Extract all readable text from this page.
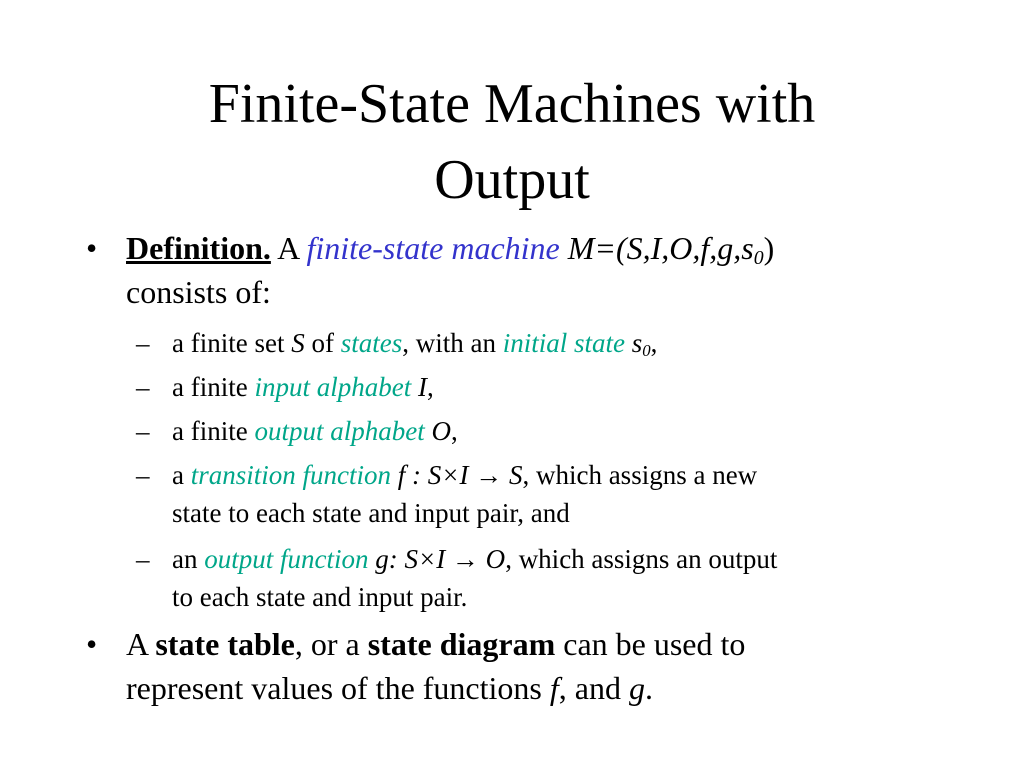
Finite-State Machines with
Output
• Definition. A finite-state machine $M=(S,I,O,f,g,s_0)$
consists of:
– a finite set S of states, with an initial state $s_0$,
– a finite input alphabet I,
– a finite output alphabet O,
– a transition function f : S×I → S, which assigns a new
state to each state and input pair, and
– an output function g: S×I → O, which assigns an output
to each state and input pair.
• A state table, or a state diagram can be used to
represent values of the functions f, and g.
